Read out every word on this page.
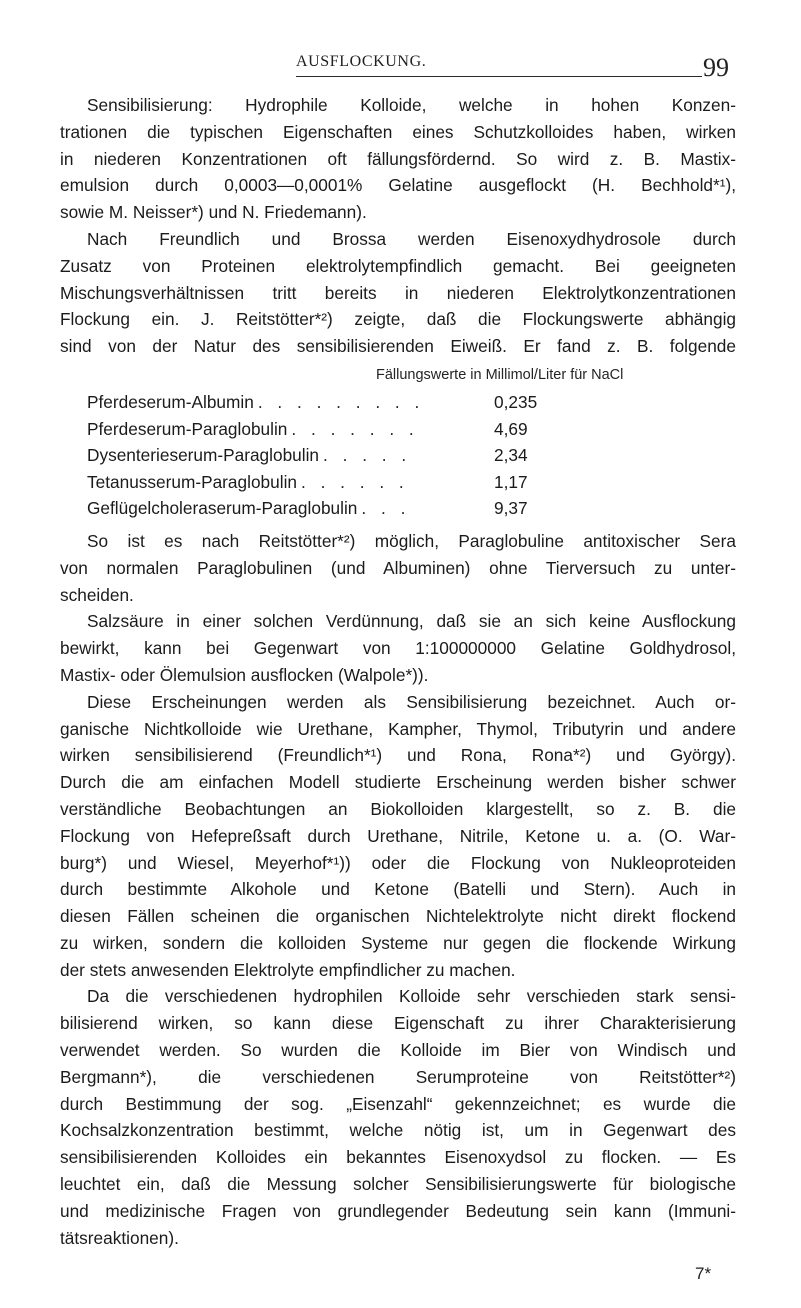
AUSFLOCKUNG.	99
Sensibilisierung: Hydrophile Kolloide, welche in hohen Konzen-
trationen die typischen Eigenschaften eines Schutzkolloides haben, wirken
in niederen Konzentrationen oft fällungsfördernd. So wird z. B. Mastix-
emulsion durch 0,0003—0,0001% Gelatine ausgeflockt (H. Bechhold*¹),
sowie M. Neisser*) und N. Friedemann).
Nach Freundlich und Brossa werden Eisenoxydhydrosole durch
Zusatz von Proteinen elektrolytempfindlich gemacht. Bei geeigneten
Mischungsverhältnissen tritt bereits in niederen Elektrolytkonzentrationen
Flockung ein. J. Reitstötter*²) zeigte, daß die Flockungswerte abhängig
sind von der Natur des sensibilisierenden Eiweiß. Er fand z. B. folgende
Fällungswerte in Millimol/Liter für NaCl
Pferdeserum-Albumin . . . . . . . . .	0,235
Pferdeserum-Paraglobulin . . . . . . .	4,69
Dysenterieserum-Paraglobulin . . . . .	2,34
Tetanusserum-Paraglobulin . . . . . .	1,17
Geflügelcholeraserum-Paraglobulin . . .	9,37
So ist es nach Reitstötter*²) möglich, Paraglobuline antitoxischer Sera
von normalen Paraglobulinen (und Albuminen) ohne Tierversuch zu unter-
scheiden.
Salzsäure in einer solchen Verdünnung, daß sie an sich keine Ausflockung
bewirkt, kann bei Gegenwart von 1:100000000 Gelatine Goldhydrosol,
Mastix- oder Ölemulsion ausflocken (Walpole*)).
Diese Erscheinungen werden als Sensibilisierung bezeichnet. Auch or-
ganische Nichtkolloide wie Urethane, Kampher, Thymol, Tributyrin und andere
wirken sensibilisierend (Freundlich*¹) und Rona, Rona*²) und György).
Durch die am einfachen Modell studierte Erscheinung werden bisher schwer
verständliche Beobachtungen an Biokolloiden klargestellt, so z. B. die
Flockung von Hefepreßsaft durch Urethane, Nitrile, Ketone u. a. (O. War-
burg*) und Wiesel, Meyerhof*¹)) oder die Flockung von Nukleoproteiden
durch bestimmte Alkohole und Ketone (Batelli und Stern). Auch in
diesen Fällen scheinen die organischen Nichtelektrolyte nicht direkt flockend
zu wirken, sondern die kolloiden Systeme nur gegen die flockende Wirkung
der stets anwesenden Elektrolyte empfindlicher zu machen.
Da die verschiedenen hydrophilen Kolloide sehr verschieden stark sensi-
bilisierend wirken, so kann diese Eigenschaft zu ihrer Charakterisierung
verwendet werden. So wurden die Kolloide im Bier von Windisch und
Bergmann*), die verschiedenen Serumproteine von Reitstötter*²)
durch Bestimmung der sog. „Eisenzahl“ gekennzeichnet; es wurde die
Kochsalzkonzentration bestimmt, welche nötig ist, um in Gegenwart des
sensibilisierenden Kolloides ein bekanntes Eisenoxydsol zu flocken. — Es
leuchtet ein, daß die Messung solcher Sensibilisierungswerte für biologische
und medizinische Fragen von grundlegender Bedeutung sein kann (Immuni-
tätsreaktionen).
7*
